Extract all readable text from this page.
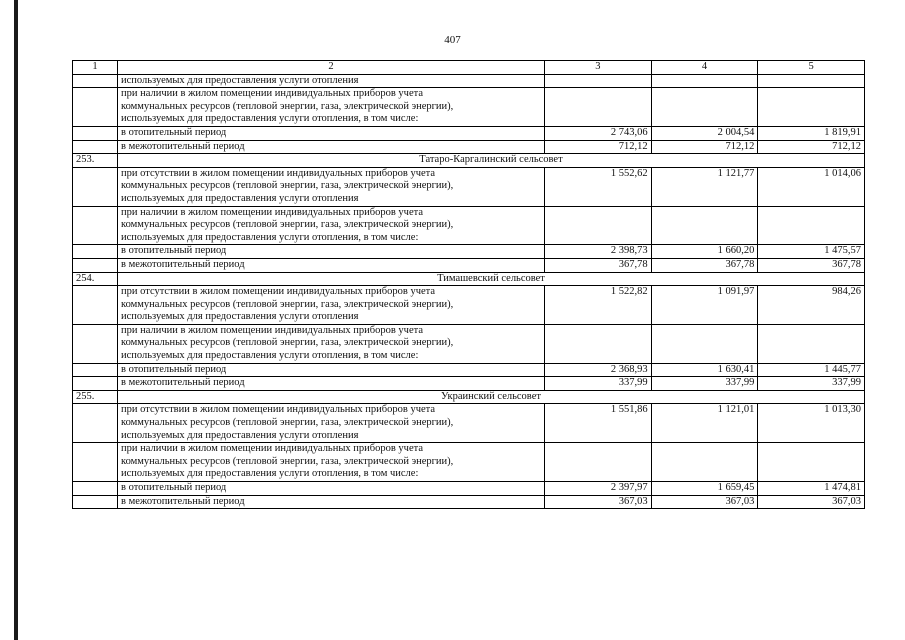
407
1	2	3	4	5
	используемых для предоставления услуги отопления			

	при наличии в жилом помещении индивидуальных приборов учета
коммунальных ресурсов (тепловой энергии, газа, электрической энергии),
используемых для предоставления услуги отопления, в том числе:			

	в отопительный период	2 743,06	2 004,54	1 819,91
	в межотопительный период	712,12	712,12	712,12
253.	Татаро-Каргалинский сельсовет			

	при отсутствии в жилом помещении индивидуальных приборов учета
коммунальных ресурсов (тепловой энергии, газа, электрической энергии),
используемых для предоставления услуги отопления	1 552,62	1 121,77	1 014,06

	при наличии в жилом помещении индивидуальных приборов учета
коммунальных ресурсов (тепловой энергии, газа, электрической энергии),
используемых для предоставления услуги отопления, в том числе:			

	в отопительный период	2 398,73	1 660,20	1 475,57
	в межотопительный период	367,78	367,78	367,78
254.	Тимашевский сельсовет			

	при отсутствии в жилом помещении индивидуальных приборов учета
коммунальных ресурсов (тепловой энергии, газа, электрической энергии),
используемых для предоставления услуги отопления	1 522,82	1 091,97	984,26

	при наличии в жилом помещении индивидуальных приборов учета
коммунальных ресурсов (тепловой энергии, газа, электрической энергии),
используемых для предоставления услуги отопления, в том числе:			

	в отопительный период	2 368,93	1 630,41	1 445,77
	в межотопительный период	337,99	337,99	337,99
255.	Украинский сельсовет			

	при отсутствии в жилом помещении индивидуальных приборов учета
коммунальных ресурсов (тепловой энергии, газа, электрической энергии),
используемых для предоставления услуги отопления	1 551,86	1 121,01	1 013,30

	при наличии в жилом помещении индивидуальных приборов учета
коммунальных ресурсов (тепловой энергии, газа, электрической энергии),
используемых для предоставления услуги отопления, в том числе:			

	в отопительный период	2 397,97	1 659,45	1 474,81
	в межотопительный период	367,03	367,03	367,03
